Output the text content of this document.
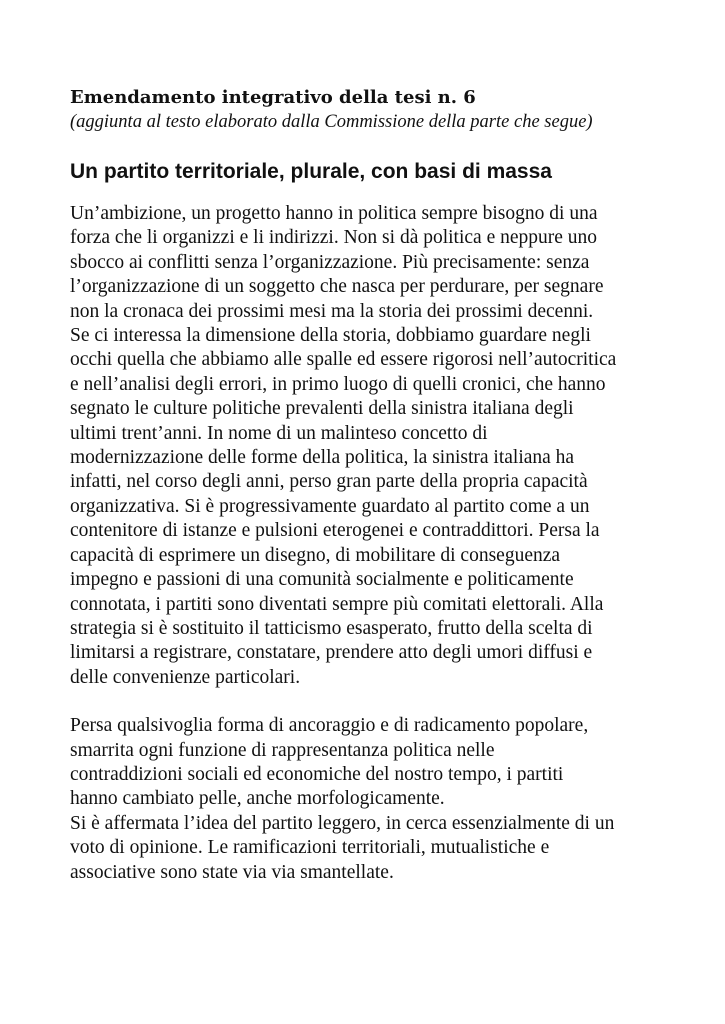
Emendamento integrativo della tesi n. 6

(aggiunta al testo elaborato dalla Commissione della parte che segue)

Un partito territoriale, plurale, con basi di massa
Un’ambizione, un progetto hanno in politica sempre bisogno di una
forza che li organizzi e li indirizzi. Non si dà politica e neppure uno
sbocco ai conflitti senza l’organizzazione. Più precisamente: senza
l’organizzazione di un soggetto che nasca per perdurare, per segnare
non la cronaca dei prossimi mesi ma la storia dei prossimi decenni.
Se ci interessa la dimensione della storia, dobbiamo guardare negli
occhi quella che abbiamo alle spalle ed essere rigorosi nell’autocritica
e nell’analisi degli errori, in primo luogo di quelli cronici, che hanno
segnato le culture politiche prevalenti della sinistra italiana degli
ultimi trent’anni. In nome di un malinteso concetto di
modernizzazione delle forme della politica, la sinistra italiana ha
infatti, nel corso degli anni, perso gran parte della propria capacità
organizzativa. Si è progressivamente guardato al partito come a un
contenitore di istanze e pulsioni eterogenei e contraddittori. Persa la
capacità di esprimere un disegno, di mobilitare di conseguenza
impegno e passioni di una comunità socialmente e politicamente
connotata, i partiti sono diventati sempre più comitati elettorali. Alla
strategia si è sostituito il tatticismo esasperato, frutto della scelta di
limitarsi a registrare, constatare, prendere atto degli umori diffusi e
delle convenienze particolari.
Persa qualsivoglia forma di ancoraggio e di radicamento popolare,
smarrita ogni funzione di rappresentanza politica nelle
contraddizioni sociali ed economiche del nostro tempo, i partiti
hanno cambiato pelle, anche morfologicamente.
Si è affermata l’idea del partito leggero, in cerca essenzialmente di un
voto di opinione. Le ramificazioni territoriali, mutualistiche e
associative sono state via via smantellate.
